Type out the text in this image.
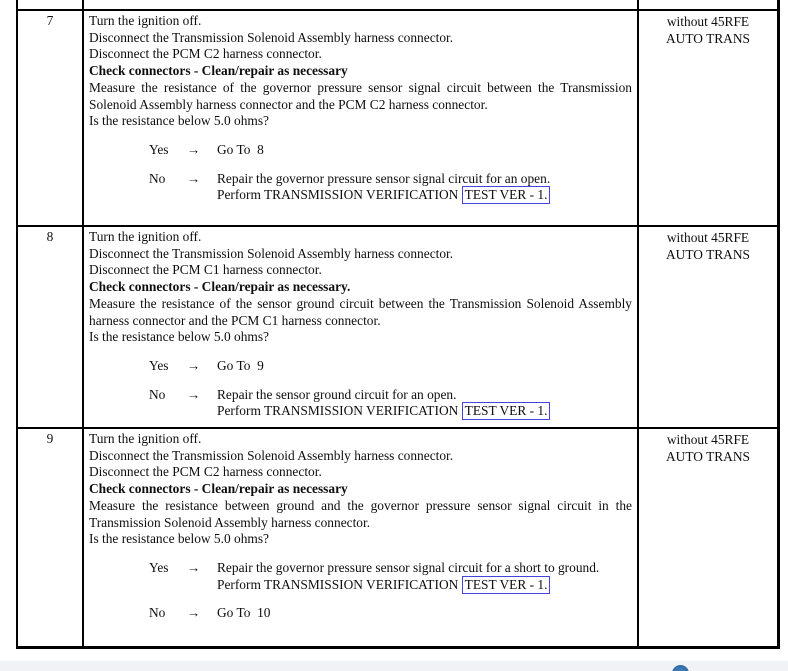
7	Turn the ignition off.
Disconnect the Transmission Solenoid Assembly harness connector.
Disconnect the PCM C2 harness connector.
Check connectors - Clean/repair as necessary
Measure the resistance of the governor pressure sensor signal circuit between the Transmission Solenoid Assembly harness connector and the PCM C2 harness connector.
Is the resistance below 5.0 ohms?
Yes	→	Go To  8
No	→	Repair the governor pressure sensor signal circuit for an open.
Perform TRANSMISSION VERIFICATION TEST VER - 1.
without 45RFE
AUTO TRANS
8	Turn the ignition off.
Disconnect the Transmission Solenoid Assembly harness connector.
Disconnect the PCM C1 harness connector.
Check connectors - Clean/repair as necessary.
Measure the resistance of the sensor ground circuit between the Transmission Solenoid Assembly harness connector and the PCM C1 harness connector.
Is the resistance below 5.0 ohms?
Yes	→	Go To  9
No	→	Repair the sensor ground circuit for an open.
Perform TRANSMISSION VERIFICATION TEST VER - 1.
without 45RFE
AUTO TRANS
9	Turn the ignition off.
Disconnect the Transmission Solenoid Assembly harness connector.
Disconnect the PCM C2 harness connector.
Check connectors - Clean/repair as necessary
Measure the resistance between ground and the governor pressure sensor signal circuit in the Transmission Solenoid Assembly harness connector.
Is the resistance below 5.0 ohms?
Yes	→	Repair the governor pressure sensor signal circuit for a short to ground.
Perform TRANSMISSION VERIFICATION TEST VER - 1.
No	→	Go To  10
without 45RFE
AUTO TRANS
